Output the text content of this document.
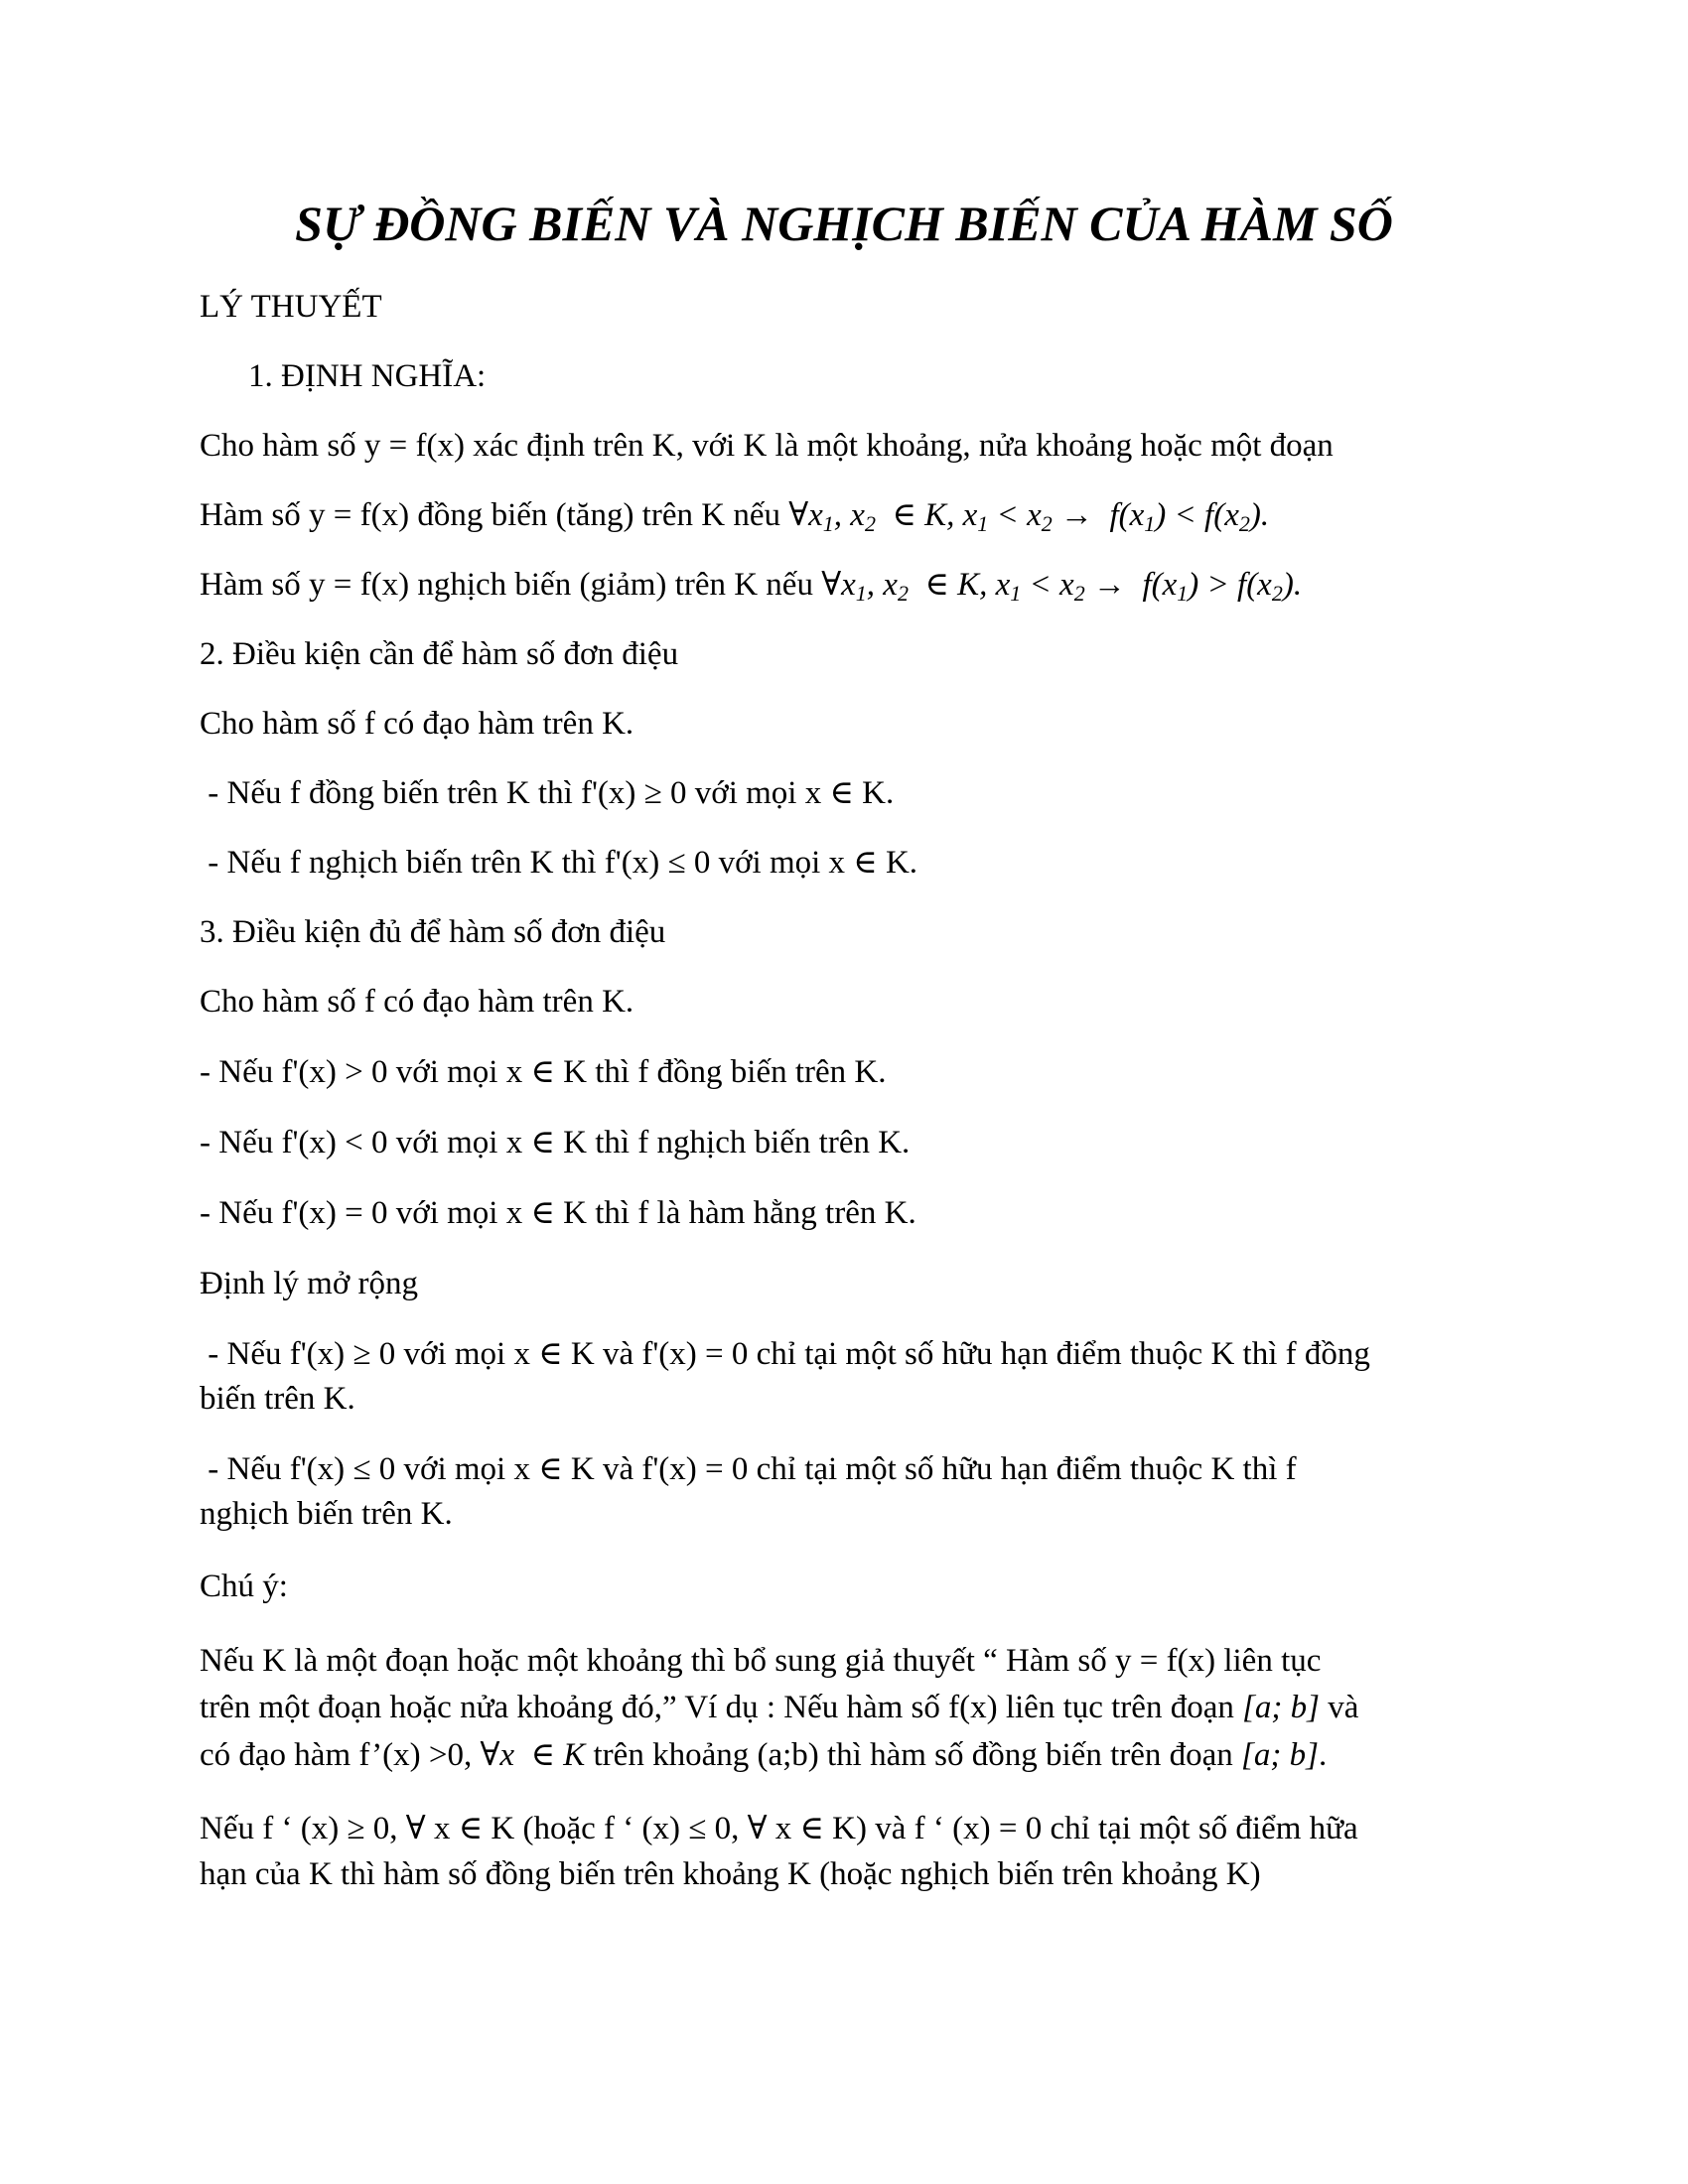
SỰ ĐỒNG BIẾN VÀ NGHỊCH BIẾN CỦA HÀM SỐ
LÝ THUYẾT
1. ĐỊNH NGHĨA:
Cho hàm số y = f(x) xác định trên K, với K là một khoảng, nửa khoảng hoặc một đoạn
Hàm số y = f(x) đồng biến (tăng) trên K nếu $\forall x_1$, $x_2$  ∈ K, $x_1 < x_2 \to f(x_1) < f(x_2)$.
Hàm số y = f(x) nghịch biến (giảm) trên K nếu $\forall x_1$, $x_2$  ∈ K, $x_1 < x_2 \to f(x_1) > f(x_2)$.
2. Điều kiện cần để hàm số đơn điệu
Cho hàm số f có đạo hàm trên K.
- Nếu f đồng biến trên K thì f'(x) ≥ 0 với mọi x ∈ K.
- Nếu f nghịch biến trên K thì f'(x) ≤ 0 với mọi x ∈ K.
3. Điều kiện đủ để hàm số đơn điệu
Cho hàm số f có đạo hàm trên K.
- Nếu f'(x) > 0 với mọi x ∈ K thì f đồng biến trên K.
- Nếu f'(x) < 0 với mọi x ∈ K thì f nghịch biến trên K.
- Nếu f'(x) = 0 với mọi x ∈ K thì f là hàm hằng trên K.
Định lý mở rộng
- Nếu f'(x) ≥ 0 với mọi x ∈ K và f'(x) = 0 chỉ tại một số hữu hạn điểm thuộc K thì f đồng
biến trên K.
- Nếu f'(x) ≤ 0 với mọi x ∈ K và f'(x) = 0 chỉ tại một số hữu hạn điểm thuộc K thì f
nghịch biến trên K.
Chú ý:
Nếu K là một đoạn hoặc một khoảng thì bổ sung giả thuyết “ Hàm số y = f(x) liên tục
trên một đoạn hoặc nửa khoảng đó,” Ví dụ : Nếu hàm số f(x) liên tục trên đoạn [a; b] và
có đạo hàm f’(x) >0, ∀x  ∈ K trên khoảng (a;b) thì hàm số đồng biến trên đoạn [a; b].
Nếu f ‘ (x) ≥ 0, ∀ x ∈ K (hoặc f ‘ (x) ≤ 0, ∀ x ∈ K) và f ‘ (x) = 0 chỉ tại một số điểm hữa
hạn của K thì hàm số đồng biến trên khoảng K (hoặc nghịch biến trên khoảng K)
